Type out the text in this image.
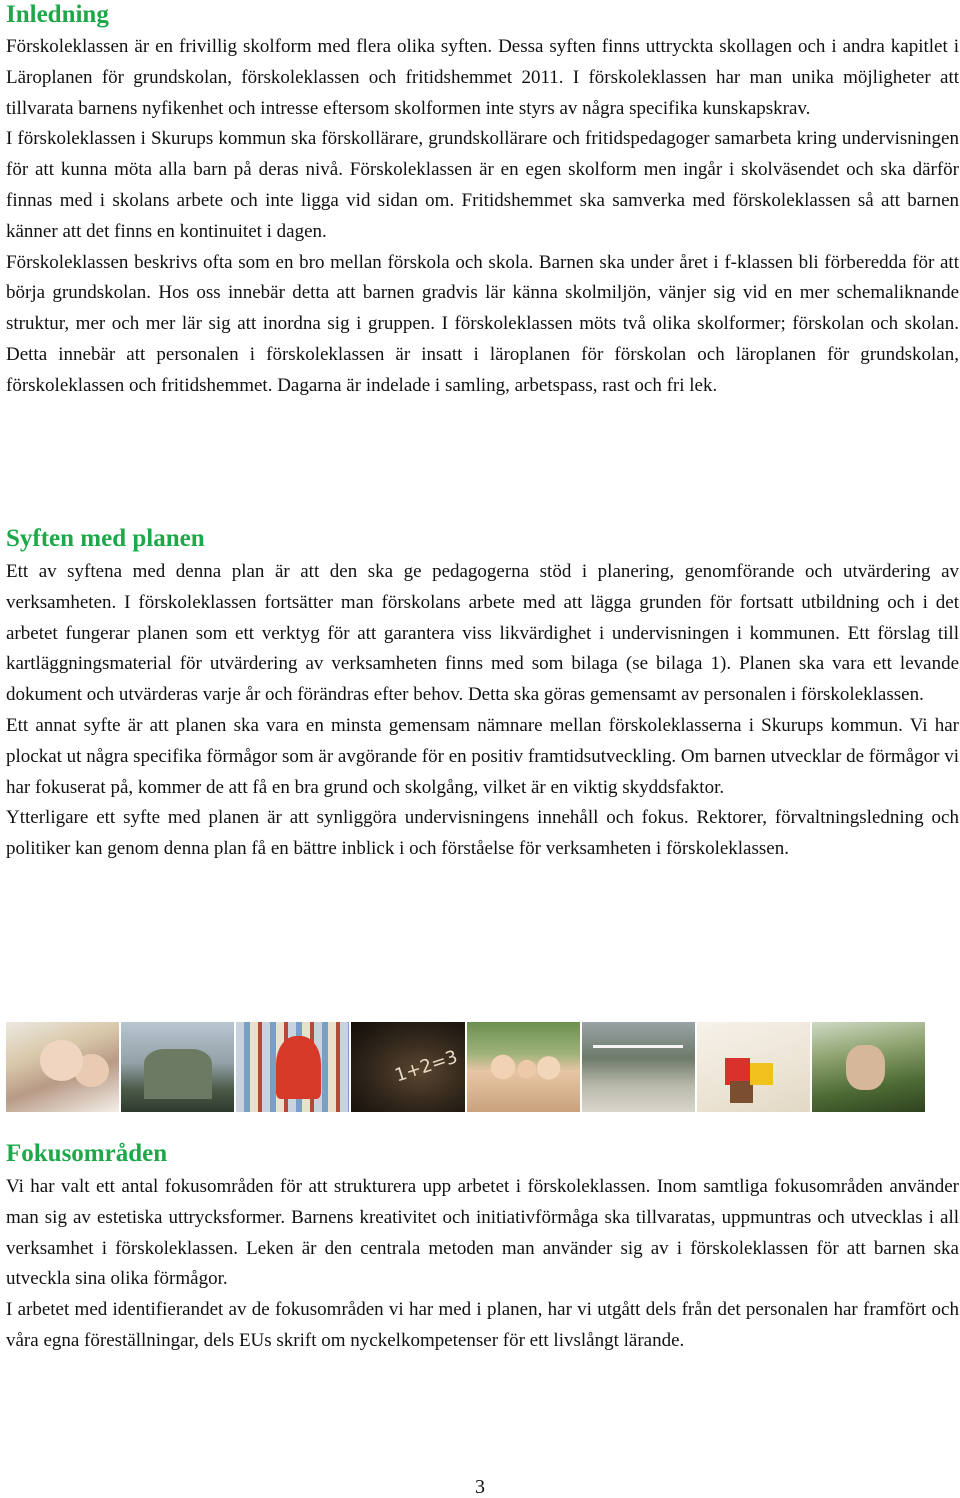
Inledning

Förskoleklassen är en frivillig skolform med flera olika syften. Dessa syften finns uttryckta skollagen och i andra kapitlet i Läroplanen för grundskolan, förskoleklassen och fritidshemmet 2011. I förskoleklassen har man unika möjligheter att tillvarata barnens nyfikenhet och intresse eftersom skolformen inte styrs av några specifika kunskapskrav.

I förskoleklassen i Skurups kommun ska förskollärare, grundskollärare och fritidspedagoger samarbeta kring undervisningen för att kunna möta alla barn på deras nivå. Förskoleklassen är en egen skolform men ingår i skolväsendet och ska därför finnas med i skolans arbete och inte ligga vid sidan om. Fritidshemmet ska samverka med förskoleklassen så att barnen känner att det finns en kontinuitet i dagen.

Förskoleklassen beskrivs ofta som en bro mellan förskola och skola. Barnen ska under året i f-klassen bli förberedda för att börja grundskolan. Hos oss innebär detta att barnen gradvis lär känna skolmiljön, vänjer sig vid en mer schemaliknande struktur, mer och mer lär sig att inordna sig i gruppen. I förskoleklassen möts två olika skolformer; förskolan och skolan. Detta innebär att personalen i förskoleklassen är insatt i läroplanen för förskolan och läroplanen för grundskolan, förskoleklassen och fritidshemmet. Dagarna är indelade i samling, arbetspass, rast och fri lek.

Syften med planen

Ett av syftena med denna plan är att den ska ge pedagogerna stöd i planering, genomförande och utvärdering av verksamheten. I förskoleklassen fortsätter man förskolans arbete med att lägga grunden för fortsatt utbildning och i det arbetet fungerar planen som ett verktyg för att garantera viss likvärdighet i undervisningen i kommunen. Ett förslag till kartläggningsmaterial för utvärdering av verksamheten finns med som bilaga (se bilaga 1). Planen ska vara ett levande dokument och utvärderas varje år och förändras efter behov. Detta ska göras gemensamt av personalen i förskoleklassen.

Ett annat syfte är att planen ska vara en minsta gemensam nämnare mellan förskoleklasserna i Skurups kommun. Vi har plockat ut några specifika förmågor som är avgörande för en positiv framtidsutveckling. Om barnen utvecklar de förmågor vi har fokuserat på, kommer de att få en bra grund och skolgång, vilket är en viktig skyddsfaktor.

Ytterligare ett syfte med planen är att synliggöra undervisningens innehåll och fokus. Rektorer, förvaltningsledning och politiker kan genom denna plan få en bättre inblick i och förståelse för verksamheten i förskoleklassen.

1+2=3
Fokusområden

Vi har valt ett antal fokusområden för att strukturera upp arbetet i förskoleklassen. Inom samtliga fokusområden använder man sig av estetiska uttrycksformer. Barnens kreativitet och initiativförmåga ska tillvaratas, uppmuntras och utvecklas i all verksamhet i förskoleklassen. Leken är den centrala metoden man använder sig av i förskoleklassen för att barnen ska utveckla sina olika förmågor.

I arbetet med identifierandet av de fokusområden vi har med i planen, har vi utgått dels från det personalen har framfört och våra egna föreställningar, dels EUs skrift om nyckelkompetenser för ett livslångt lärande.

3
